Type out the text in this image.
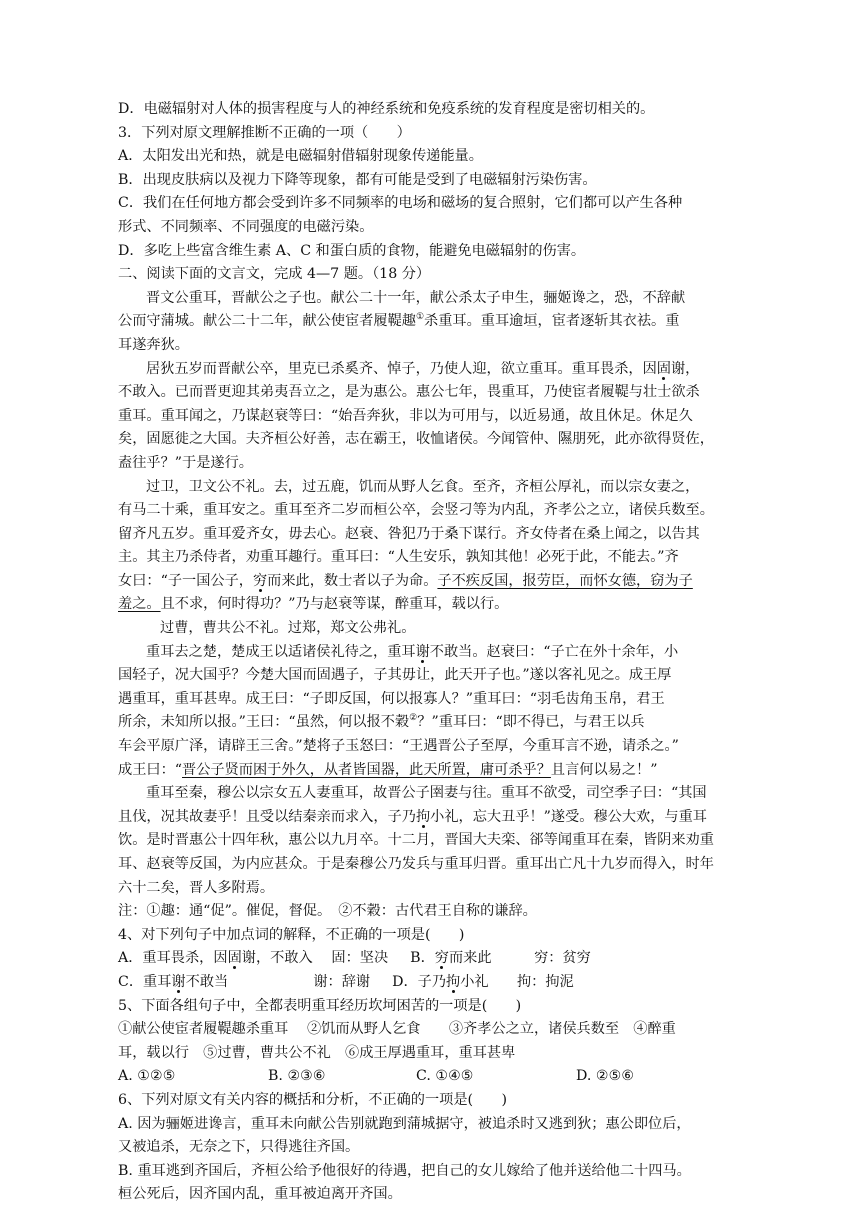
D．电磁辐射对人体的损害程度与人的神经系统和免疫系统的发育程度是密切相关的。
3．下列对原文理解推断不正确的一项（　　）
A．太阳发出光和热，就是电磁辐射借辐射现象传递能量。
B．出现皮肤病以及视力下降等现象，都有可能是受到了电磁辐射污染伤害。
C．我们在任何地方都会受到许多不同频率的电场和磁场的复合照射，它们都可以产生各种
形式、不同频率、不同强度的电磁污染。
D．多吃上些富含维生素 A、C 和蛋白质的食物，能避免电磁辐射的伤害。
二、阅读下面的文言文，完成 4—7 题。（18 分）
晋文公重耳，晋献公之子也。献公二十一年，献公杀太子申生，骊姬谗之，恐，不辞献
公而守蒲城。献公二十二年，献公使宦者履鞮趣①杀重耳。重耳逾垣，宦者逐斩其衣祛。重
耳遂奔狄。
居狄五岁而晋献公卒，里克已杀奚齐、悼子，乃使人迎，欲立重耳。重耳畏杀，因固谢，
不敢入。已而晋更迎其弟夷吾立之，是为惠公。惠公七年，畏重耳，乃使宦者履鞮与壮士欲杀
重耳。重耳闻之，乃谋赵衰等曰：“始吾奔狄，非以为可用与，以近易通，故且休足。休足久
矣，固愿徙之大国。夫齐桓公好善，志在霸王，收恤诸侯。今闻管仲、隰朋死，此亦欲得贤佐，
盍往乎？”于是遂行。
过卫，卫文公不礼。去，过五鹿，饥而从野人乞食。至齐，齐桓公厚礼，而以宗女妻之，
有马二十乘，重耳安之。重耳至齐二岁而桓公卒，会竖刁等为内乱，齐孝公之立，诸侯兵数至。
留齐凡五岁。重耳爱齐女，毋去心。赵衰、咎犯乃于桑下谋行。齐女侍者在桑上闻之，以告其
主。其主乃杀侍者，劝重耳趣行。重耳曰：“人生安乐，孰知其他！必死于此，不能去。”齐
女曰：“子一国公子，穷而来此，数士者以子为命。子不疾反国，报劳臣，而怀女德，窃为子
羞之。且不求，何时得功？”乃与赵衰等谋，醉重耳，载以行。
过曹，曹共公不礼。过郑，郑文公弗礼。
重耳去之楚，楚成王以适诸侯礼待之，重耳谢不敢当。赵衰曰：“子亡在外十余年，小
国轻子，况大国乎？今楚大国而固遇子，子其毋让，此天开子也。”遂以客礼见之。成王厚
遇重耳，重耳甚卑。成王曰：“子即反国，何以报寡人？”重耳曰：“羽毛齿角玉帛，君王
所余，未知所以报。”王曰：“虽然，何以报不穀②？”重耳曰：“即不得已，与君王以兵
车会平原广泽，请辟王三舍。”楚将子玉怒曰：“王遇晋公子至厚，今重耳言不逊，请杀之。”
成王曰：“晋公子贤而困于外久，从者皆国器，此天所置，庸可杀乎？且言何以易之！”
重耳至秦，穆公以宗女五人妻重耳，故晋公子圉妻与往。重耳不欲受，司空季子曰：“其国
且伐，况其故妻乎！且受以结秦亲而求入，子乃拘小礼，忘大丑乎！”遂受。穆公大欢，与重耳
饮。是时晋惠公十四年秋，惠公以九月卒。十二月，晋国大夫栾、郤等闻重耳在秦，皆阴来劝重
耳、赵衰等反国，为内应甚众。于是秦穆公乃发兵与重耳归晋。重耳出亡凡十九岁而得入，时年
六十二矣，晋人多附焉。
注：①趣：通“促”。催促，督促。　②不穀：古代君王自称的谦辞。
4、对下列句子中加点词的解释，不正确的一项是(　　)
A．重耳畏杀，因固谢，不敢入　 固：坚决 B．穷而来此　　　穷：贫穷
C．重耳谢不敢当　　　　　　谢：辞谢 D．子乃拘小礼　　拘：拘泥
5、下面各组句子中，全都表明重耳经历坎坷困苦的一项是(　　)
①献公使宦者履鞮趣杀重耳　 ②饥而从野人乞食　　③齐孝公之立，诸侯兵数至　④醉重
耳，载以行　⑤过曹，曹共公不礼　⑥成王厚遇重耳，重耳甚卑
A. ①②⑤	B. ②③⑥	C. ①④⑤	D. ②⑤⑥
6、下列对原文有关内容的概括和分析，不正确的一项是(　　)
A. 因为骊姬进谗言，重耳未向献公告别就跑到蒲城据守，被追杀时又逃到狄；惠公即位后，
又被追杀，无奈之下，只得逃往齐国。
B. 重耳逃到齐国后，齐桓公给予他很好的待遇，把自己的女儿嫁给了他并送给他二十四马。
桓公死后，因齐国内乱，重耳被迫离开齐国。
